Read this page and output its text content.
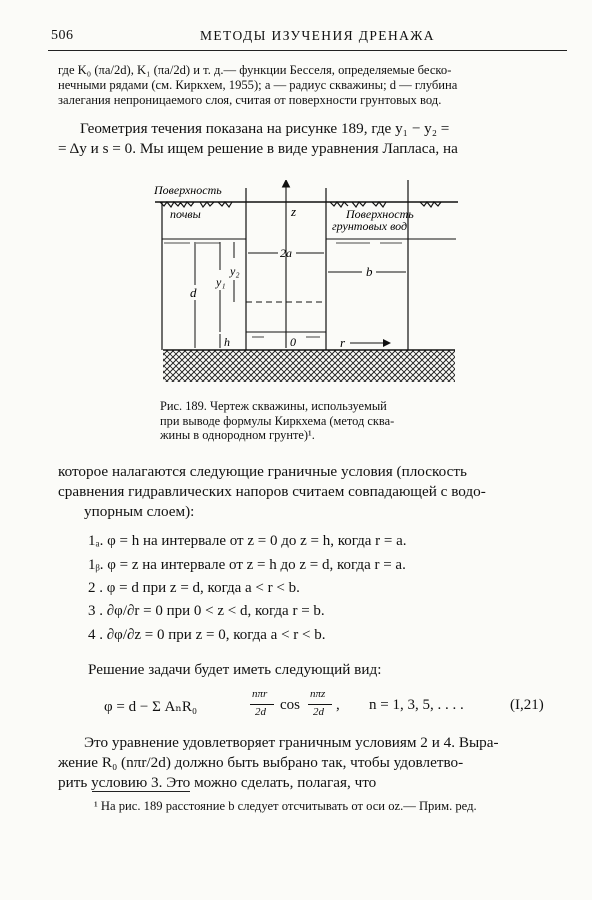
506	МЕТОДЫ ИЗУЧЕНИЯ ДРЕНАЖА
где K₀ (πa/2d), K₁ (πa/2d) и т. д.— функции Бесселя, определяемые беско-
нечными рядами (см. Киркхем, 1955); a — радиус скважины; d — глубина
залегания непроницаемого слоя, считая от поверхности грунтовых вод.
Геометрия течения показана на рисунке 189, где y₁ − y₂ =
= Δy и s = 0. Мы ищем решение в виде уравнения Лапласа, на
2a
b
d
y₁
y₂
h	0	r
z
Поверхность
почвы	Поверхность
грунтовых вод
Рис. 189. Чертеж скважины, используемый
при выводе формулы Киркхема (метод сква-
жины в однородном грунте)¹.
которое налагаются следующие граничные условия (плоскость
сравнения гидравлических напоров считаем совпадающей с водо-
упорным слоем):
1ₐ. φ = h на интервале от z = 0 до z = h, когда r = a.
1ᵦ. φ = z на интервале от z = h до z = d, когда r = a.
2 . φ = d при z = d, когда a < r < b.
3 . ∂φ/∂r = 0 при 0 < z < d, когда r = b.
4 . ∂φ/∂z = 0 при z = 0, когда a < r < b.
Решение задачи будет иметь следующий вид:
φ = d − Σ AₙR₀
nπr
2d cos
nπz
2d , n = 1, 3, 5, . . . .	(I,21)
Это уравнение удовлетворяет граничным условиям 2 и 4. Выра-
жение R₀ (nπr/2d) должно быть выбрано так, чтобы удовлетво-
рить условию 3. Это можно сделать, полагая, что
¹ На рис. 189 расстояние b следует отсчитывать от оси oz.— Прим. ред.
